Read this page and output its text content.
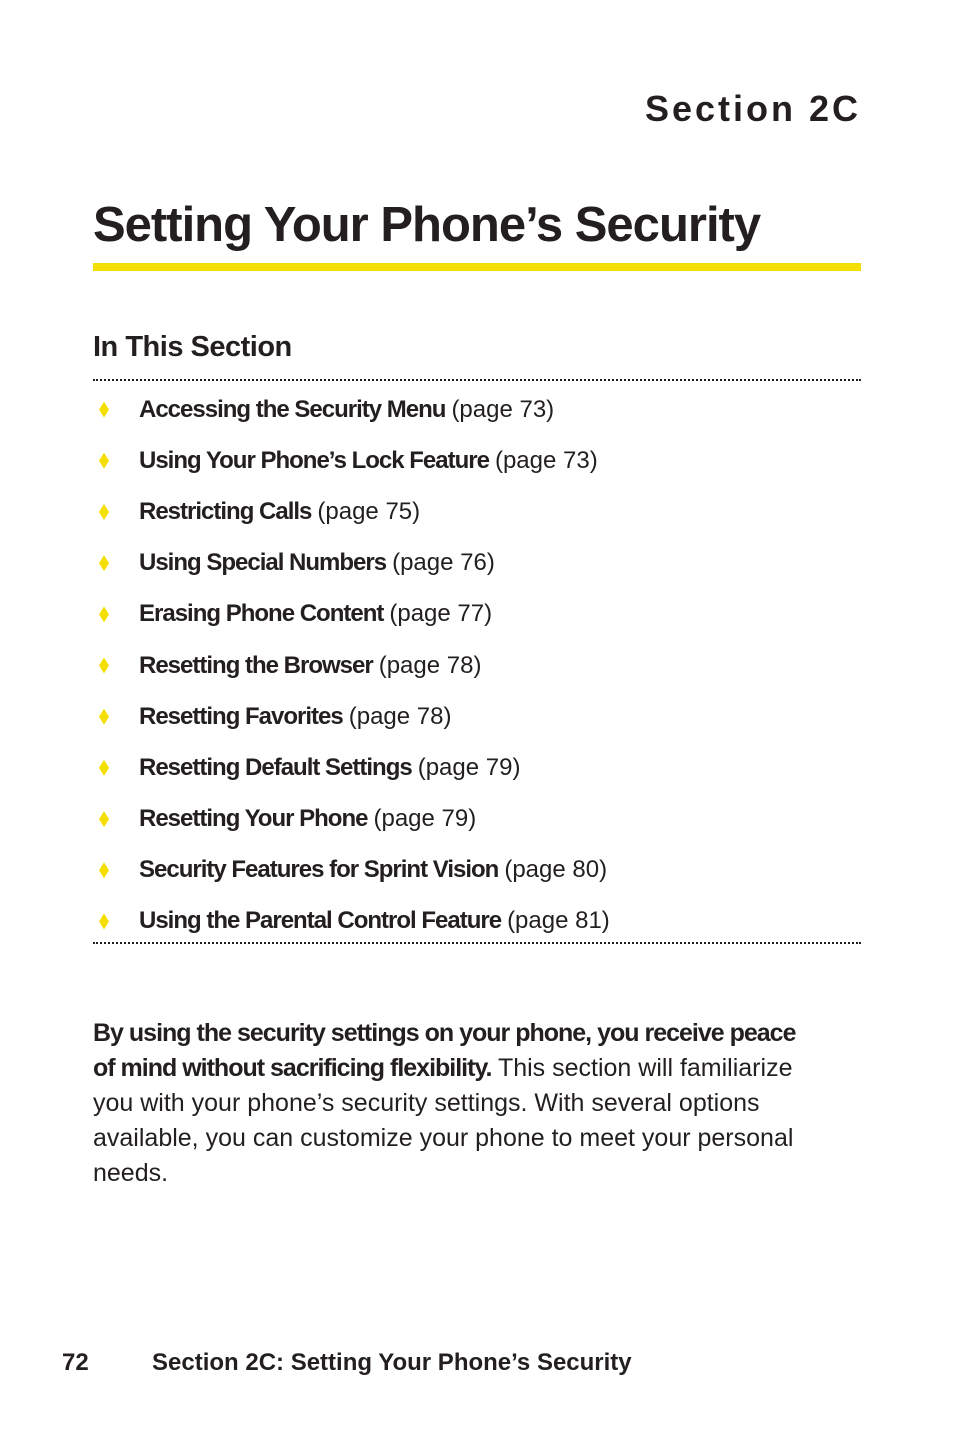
Section 2C
Setting Your Phone’s Security
In This Section
Accessing the Security Menu (page 73)
Using Your Phone’s Lock Feature (page 73)
Restricting Calls (page 75)
Using Special Numbers (page 76)
Erasing Phone Content (page 77)
Resetting the Browser (page 78)
Resetting Favorites (page 78)
Resetting Default Settings (page 79)
Resetting Your Phone (page 79)
Security Features for Sprint Vision (page 80)
Using the Parental Control Feature (page 81)

By using the security settings on your phone, you receive peace of mind without sacrificing flexibility. This section will familiarize you with your phone’s security settings. With several options available, you can customize your phone to meet your personal needs.

72	Section 2C: Setting Your Phone’s Security
